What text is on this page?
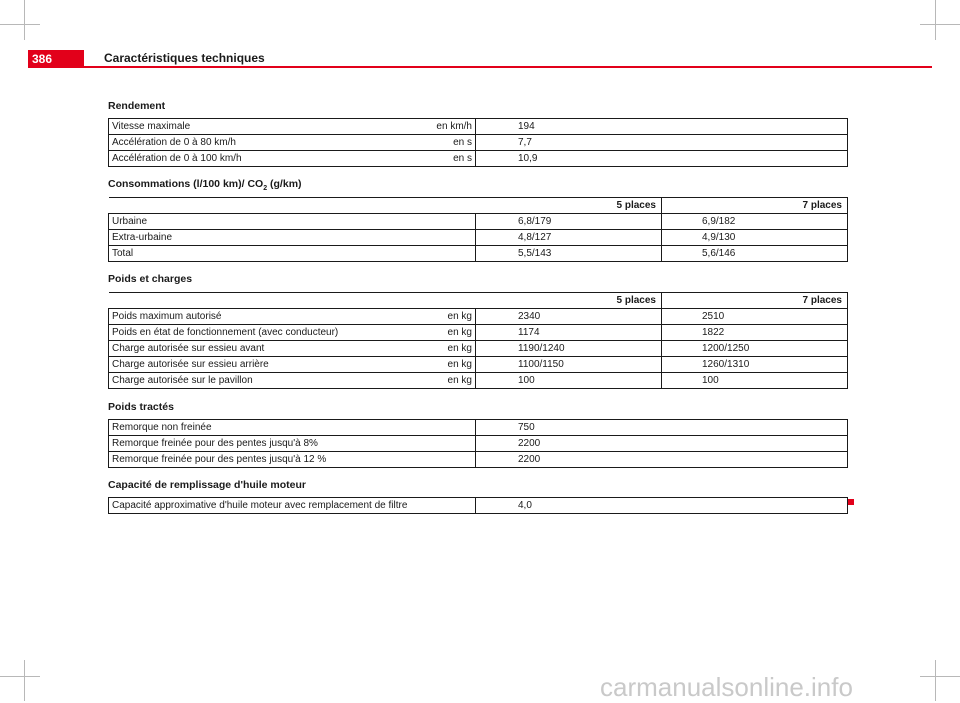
386	Caractéristiques techniques
Rendement
Vitesse maximale	en km/h	194
Accélération de 0 à 80 km/h	en s	7,7
Accélération de 0 à 100 km/h	en s	10,9
Consommations (l/100 km)/ $CO_2$ (g/km)
	5 places	7 places
Urbaine	6,8/179	6,9/182
Extra-urbaine	4,8/127	4,9/130
Total	5,5/143	5,6/146
Poids et charges
		5 places	7 places
Poids maximum autorisé	en kg	2340	2510
Poids en état de fonctionnement (avec conducteur)	en kg	1174	1822
Charge autorisée sur essieu avant	en kg	1190/1240	1200/1250
Charge autorisée sur essieu arrière	en kg	1100/1150	1260/1310
Charge autorisée sur le pavillon	en kg	100	100
Poids tractés
Remorque non freinée	750
Remorque freinée pour des pentes jusqu'à 8%	2200
Remorque freinée pour des pentes jusqu'à 12 %	2200
Capacité de remplissage d'huile moteur
Capacité approximative d'huile moteur avec remplacement de filtre	4,0
carmanualsonline.info
